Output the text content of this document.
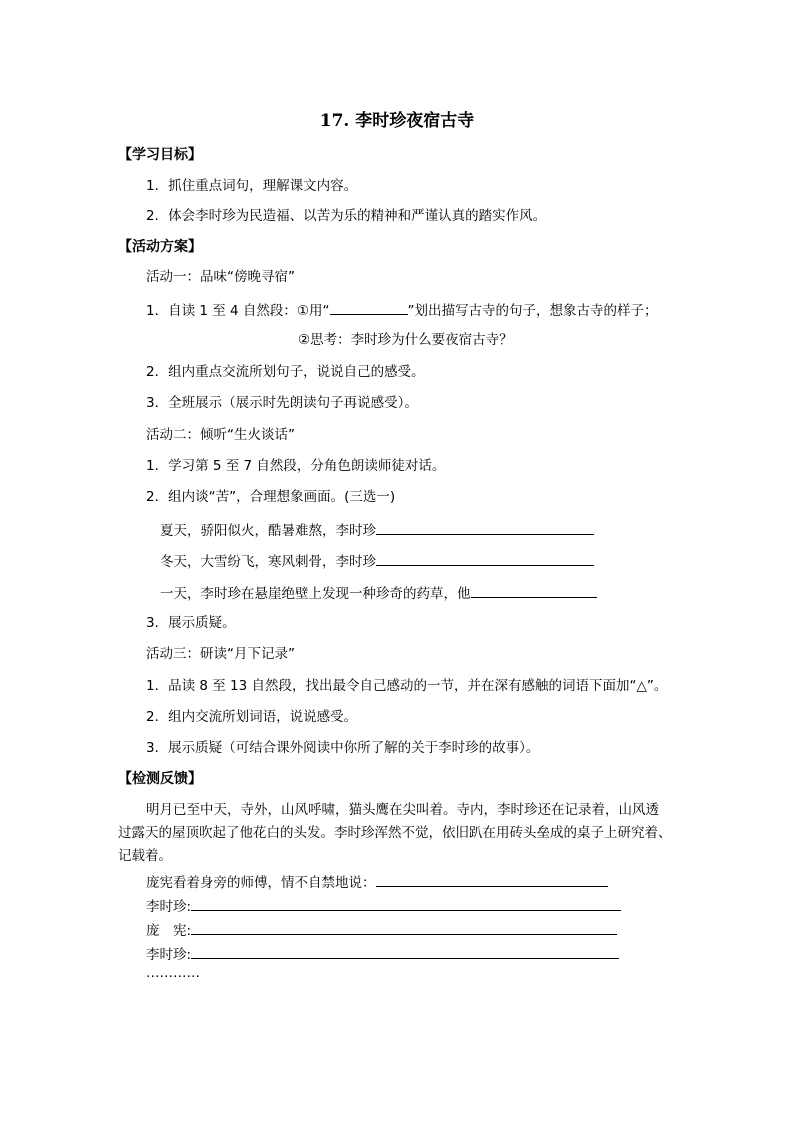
17. 李时珍夜宿古寺
【学习目标】
1．抓住重点词句，理解课文内容。
2．体会李时珍为民造福、以苦为乐的精神和严谨认真的踏实作风。
【活动方案】
活动一：品味“傍晚寻宿”
1．自读 1 至 4 自然段：①用“	”划出描写古寺的句子，想象古寺的样子；
②思考：李时珍为什么要夜宿古寺？
2．组内重点交流所划句子，说说自己的感受。
3．全班展示（展示时先朗读句子再说感受）。
活动二：倾听“生火谈话”
1．学习第 5 至 7 自然段，分角色朗读师徒对话。
2．组内谈“苦”，合理想象画面。(三选一)
夏天，骄阳似火，酷暑难熬，李时珍
冬天，大雪纷飞，寒风刺骨，李时珍
一天，李时珍在悬崖绝壁上发现一种珍奇的药草，他
3．展示质疑。
活动三：研读“月下记录”
1．品读 8 至 13 自然段，找出最令自己感动的一节，并在深有感触的词语下面加“△”。
2．组内交流所划词语，说说感受。
3．展示质疑（可结合课外阅读中你所了解的关于李时珍的故事）。
【检测反馈】
明月已至中天，寺外，山风呼啸，猫头鹰在尖叫着。寺内，李时珍还在记录着，山风透
过露天的屋顶吹起了他花白的头发。李时珍浑然不觉，依旧趴在用砖头垒成的桌子上研究着、
记载着。
庞宪看着身旁的师傅，情不自禁地说：
李时珍:
庞　宪:
李时珍:
…………
